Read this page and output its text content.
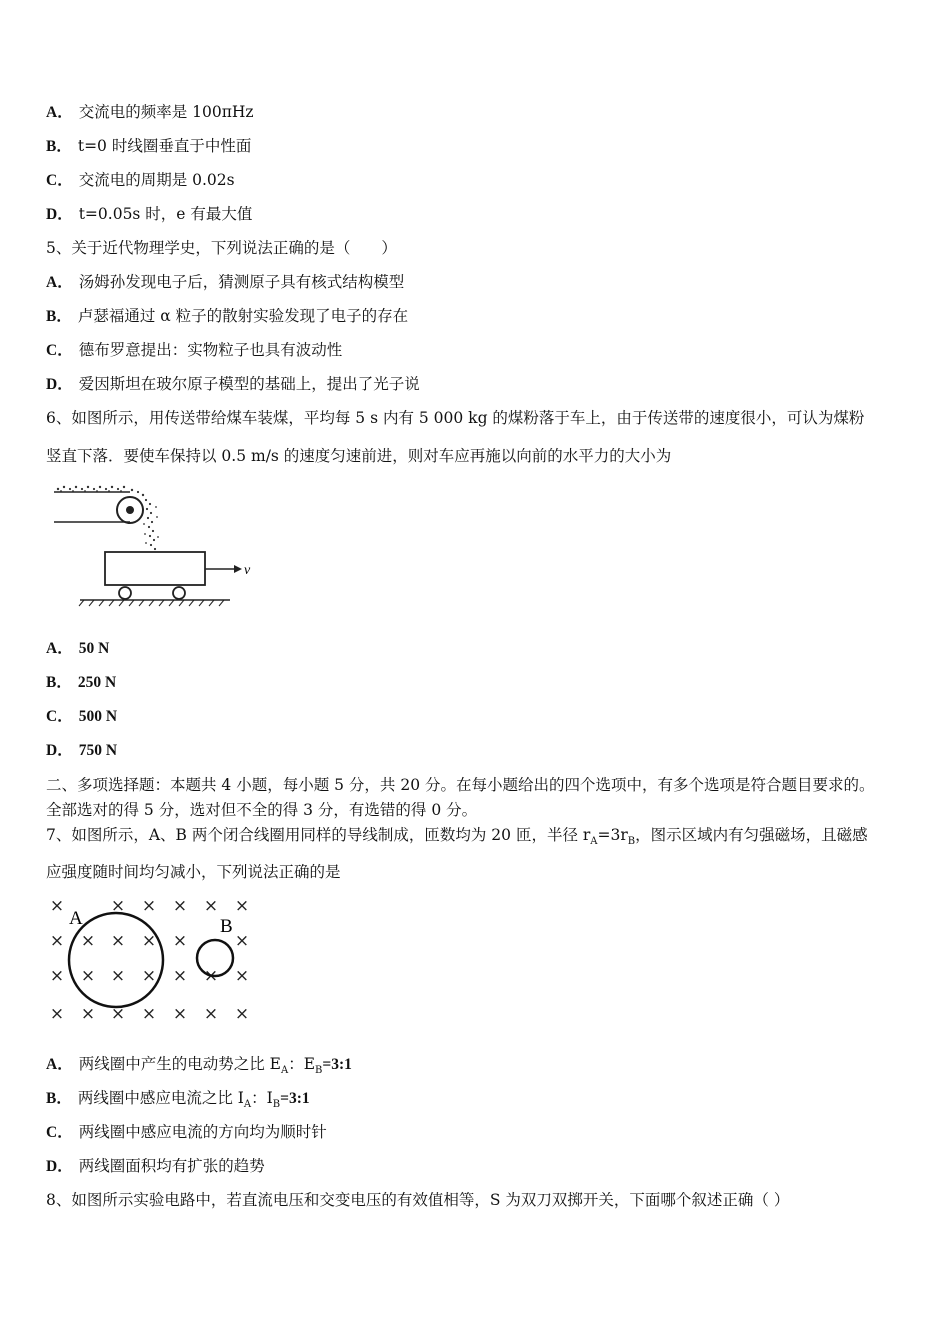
A． 交流电的频率是 100πHz
B． t=0 时线圈垂直于中性面
C． 交流电的周期是 0.02s
D． t=0.05s 时，e 有最大值
5、关于近代物理学史，下列说法正确的是（　　）
A． 汤姆孙发现电子后，猜测原子具有核式结构模型
B． 卢瑟福通过 α 粒子的散射实验发现了电子的存在
C． 德布罗意提出：实物粒子也具有波动性
D． 爱因斯坦在玻尔原子模型的基础上，提出了光子说
6、如图所示，用传送带给煤车装煤，平均每 5 s 内有 5 000 kg 的煤粉落于车上，由于传送带的速度很小，可认为煤粉
竖直下落．要使车保持以 0.5 m/s 的速度匀速前进，则对车应再施以向前的水平力的大小为
v
A． 50 N
B． 250 N
C． 500 N
D． 750 N
二、多项选择题：本题共 4 小题，每小题 5 分，共 20 分。在每小题给出的四个选项中，有多个选项是符合题目要求的。
全部选对的得 5 分，选对但不全的得 3 分，有选错的得 0 分。
7、如图所示，A、B 两个闭合线圈用同样的导线制成，匝数均为 20 匝，半径 $r_A=3r_B$，图示区域内有匀强磁场，且磁感
应强度随时间均匀减小，下列说法正确的是
×	× × × × ×
× × × × ×	×
× × × × × × ×
× × × × × × ×
A	B
A． 两线圈中产生的电动势之比 $E_A$：$E_B=3:1$
B． 两线圈中感应电流之比 $I_A$：$I_B=3:1$
C． 两线圈中感应电流的方向均为顺时针
D． 两线圈面积均有扩张的趋势
8、如图所示实验电路中，若直流电压和交变电压的有效值相等，S 为双刀双掷开关，下面哪个叙述正确（ ）
